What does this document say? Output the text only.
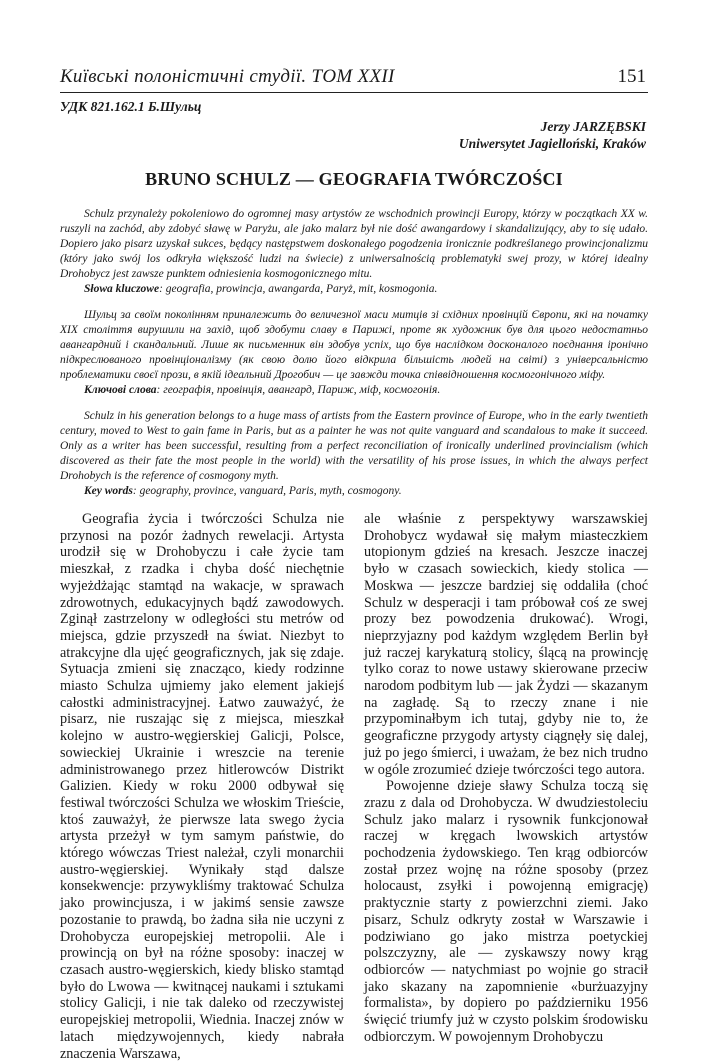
Київські полоністичні студії. ТОМ XXII	151
УДК 821.162.1 Б.Шульц
Jerzy JARZĘBSKI
Uniwersytet Jagielloński, Kraków
BRUNO SCHULZ — GEOGRAFIA TWÓRCZOŚCI

Schulz przynależy pokoleniowo do ogromnej masy artystów ze wschodnich prowincji Europy, którzy w początkach XX w. ruszyli na zachód, aby zdobyć sławę w Paryżu, ale jako malarz był nie dość awangardowy i skandalizujący, aby to się udało. Dopiero jako pisarz uzyskał sukces, będący następstwem doskonałego pogodzenia ironicznie podkreślanego prowincjonalizmu (który jako swój los odkryła większość ludzi na świecie) z uniwersalnością problematyki swej prozy, w której idealny Drohobycz jest zawsze punktem odniesienia kosmogonicznego mitu.

Słowa kluczowe: geografia, prowincja, awangarda, Paryż, mit, kosmogonia.

Шульц за своїм поколінням приналежить до величезної маси митців зі східних провінцій Європи, які на початку XIX століття вирушили на захід, щоб здобути славу в Парижі, проте як художник був для цього недостатньо авангардний і скандальний. Лише як письменник він здобув успіх, що був наслідком досконалого поєднання іронічно підкреслюваного провінціоналізму (як свою долю його відкрила більшість людей на світі) з універсальністю проблематики своєї прози, в якій ідеальний Дрогобич — це завжди точка співвідношення космогонічного міфу.

Ключові слова: географія, провінція, авангард, Париж, міф, космогонія.

Schulz in his generation belongs to a huge mass of artists from the Eastern province of Europe, who in the early twentieth century, moved to West to gain fame in Paris, but as a painter he was not quite vanguard and scandalous to make it succeed. Only as a writer has been successful, resulting from a perfect reconciliation of ironically underlined provincialism (which discovered as their fate the most people in the world) with the versatility of his prose issues, in which the always perfect Drohobych is the reference of cosmogony myth.

Key words: geography, province, vanguard, Paris, myth, cosmogony.

Geografia życia i twórczości Schulza nie przynosi na pozór żadnych rewelacji. Artysta urodził się w Drohobyczu i całe życie tam mieszkał, z rzadka i chyba dość niechętnie wyjeżdżając stamtąd na wakacje, w sprawach zdrowotnych, edukacyjnych bądź zawodowych. Zginął zastrzelony w odległości stu metrów od miejsca, gdzie przyszedł na świat. Niezbyt to atrakcyjne dla ujęć geograficznych, jak się zdaje. Sytuacja zmieni się znacząco, kiedy rodzinne miasto Schulza ujmiemy jako element jakiejś całostki administracyjnej. Łatwo zauważyć, że pisarz, nie ruszając się z miejsca, mieszkał kolejno w austro-węgierskiej Galicji, Polsce, sowieckiej Ukrainie i wreszcie na terenie administrowanego przez hitlerowców Distrikt Galizien. Kiedy w roku 2000 odbywał się festiwal twórczości Schulza we włoskim Trieście, ktoś zauważył, że pierwsze lata swego życia artysta przeżył w tym samym państwie, do którego wówczas Triest należał, czyli monarchii austro-węgierskiej. Wynikały stąd dalsze konsekwencje: przywykliśmy traktować Schulza jako prowincjusza, i w jakimś sensie zawsze pozostanie to prawdą, bo żadna siła nie uczyni z Drohobycza europejskiej metropolii. Ale i prowincją on był na różne sposoby: inaczej w czasach austro-węgierskich, kiedy blisko stamtąd było do Lwowa — kwitnącej naukami i sztukami stolicy Galicji, i nie tak daleko od rzeczywistej europejskiej metropolii, Wiednia. Inaczej znów w latach międzywojennych, kiedy nabrała znaczenia Warszawa,

ale właśnie z perspektywy warszawskiej Drohobycz wydawał się małym miasteczkiem utopionym gdzieś na kresach. Jeszcze inaczej było w czasach sowieckich, kiedy stolica — Moskwa — jeszcze bardziej się oddaliła (choć Schulz w desperacji i tam próbował coś ze swej prozy bez powodzenia drukować). Wrogi, nieprzyjazny pod każdym względem Berlin był już raczej karykaturą stolicy, ślącą na prowincję tylko coraz to nowe ustawy skierowane przeciw narodom podbitym lub — jak Żydzi — skazanym na zagładę. Są to rzeczy znane i nie przypominałbym ich tutaj, gdyby nie to, że geograficzne przygody artysty ciągnęły się dalej, już po jego śmierci, i uważam, że bez nich trudno w ogóle zrozumieć dzieje twórczości tego autora.

Powojenne dzieje sławy Schulza toczą się zrazu z dala od Drohobycza. W dwudziestoleciu Schulz jako malarz i rysownik funkcjonował raczej w kręgach lwowskich artystów pochodzenia żydowskiego. Ten krąg odbiorców został przez wojnę na różne sposoby (przez holocaust, zsyłki i powojenną emigrację) praktycznie starty z powierzchni ziemi. Jako pisarz, Schulz odkryty został w Warszawie i podziwiano go jako mistrza poetyckiej polszczyzny, ale — zyskawszy nowy krąg odbiorców — natychmiast po wojnie go stracił jako skazany na zapomnienie «burżuazyjny formalista», by dopiero po październiku 1956 święcić triumfy już w czysto polskim środowisku odbiorczym. W powojennym Drohobyczu
